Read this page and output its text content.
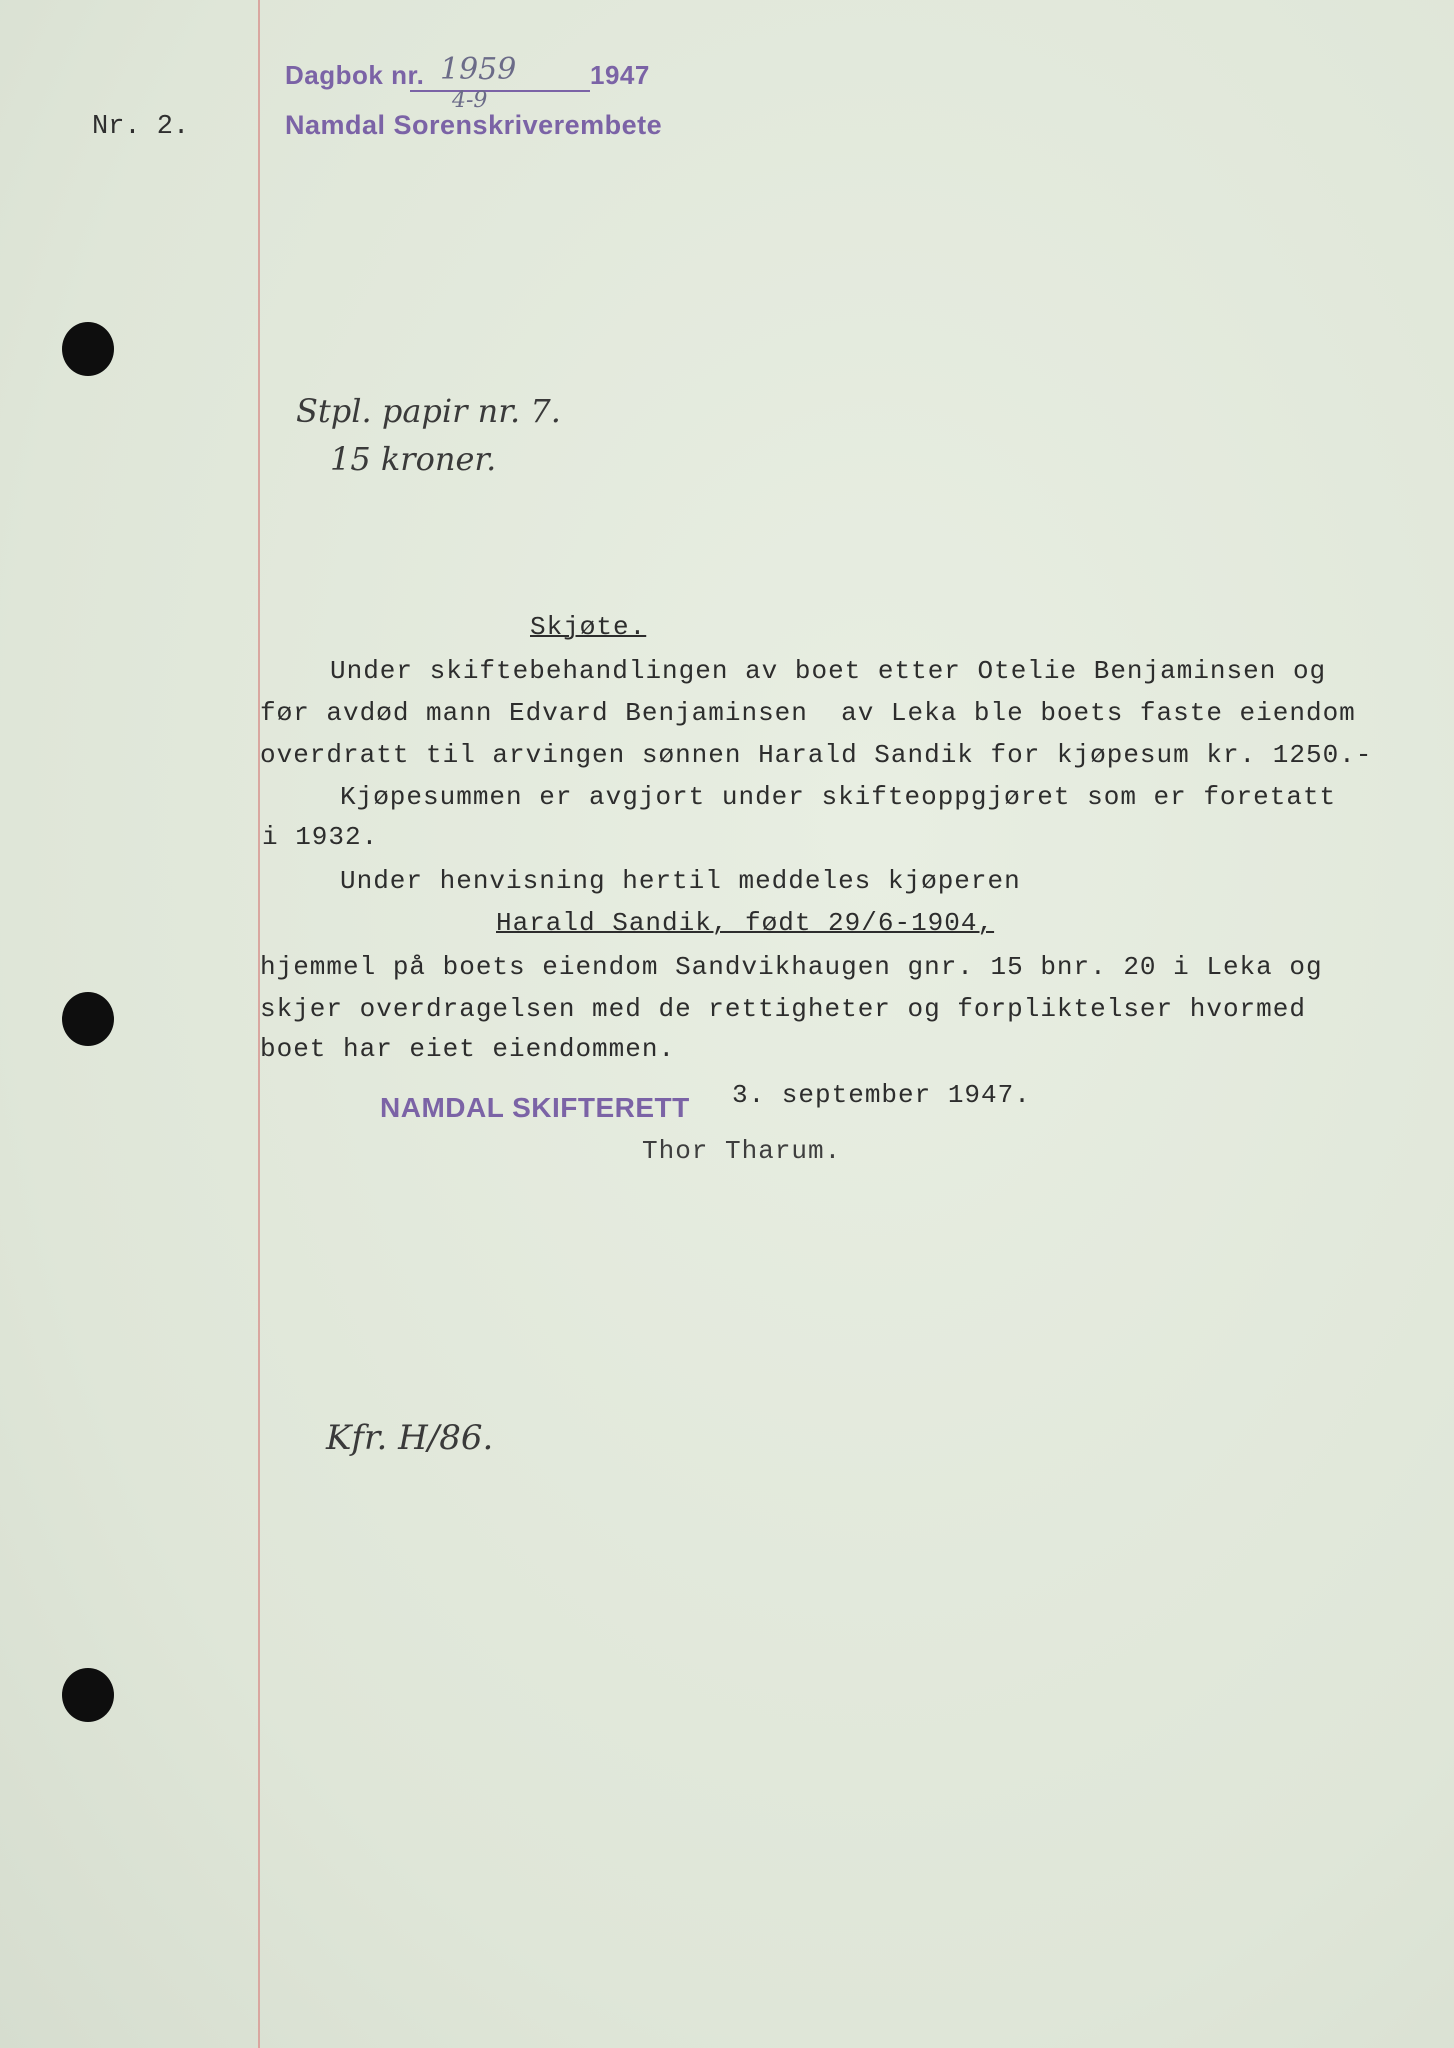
Nr. 2.
Dagbok nr. 1959	1947
4-9
Namdal Sorenskriverembete
Stpl. papir nr. 7.
15 kroner.
Skjøte.
Under skiftebehandlingen av boet etter Otelie Benjaminsen og
før avdød mann Edvard Benjaminsen  av Leka ble boets faste eiendom
overdratt til arvingen sønnen Harald Sandik for kjøpesum kr. 1250.-
Kjøpesummen er avgjort under skifteoppgjøret som er foretatt
i 1932.
Under henvisning hertil meddeles kjøperen
Harald Sandik, født 29/6-1904,
hjemmel på boets eiendom Sandvikhaugen gnr. 15 bnr. 20 i Leka og
skjer overdragelsen med de rettigheter og forpliktelser hvormed
boet har eiet eiendommen.
NAMDAL SKIFTERETT 3. september 1947.
Thor Tharum.
Kfr. H/86.
